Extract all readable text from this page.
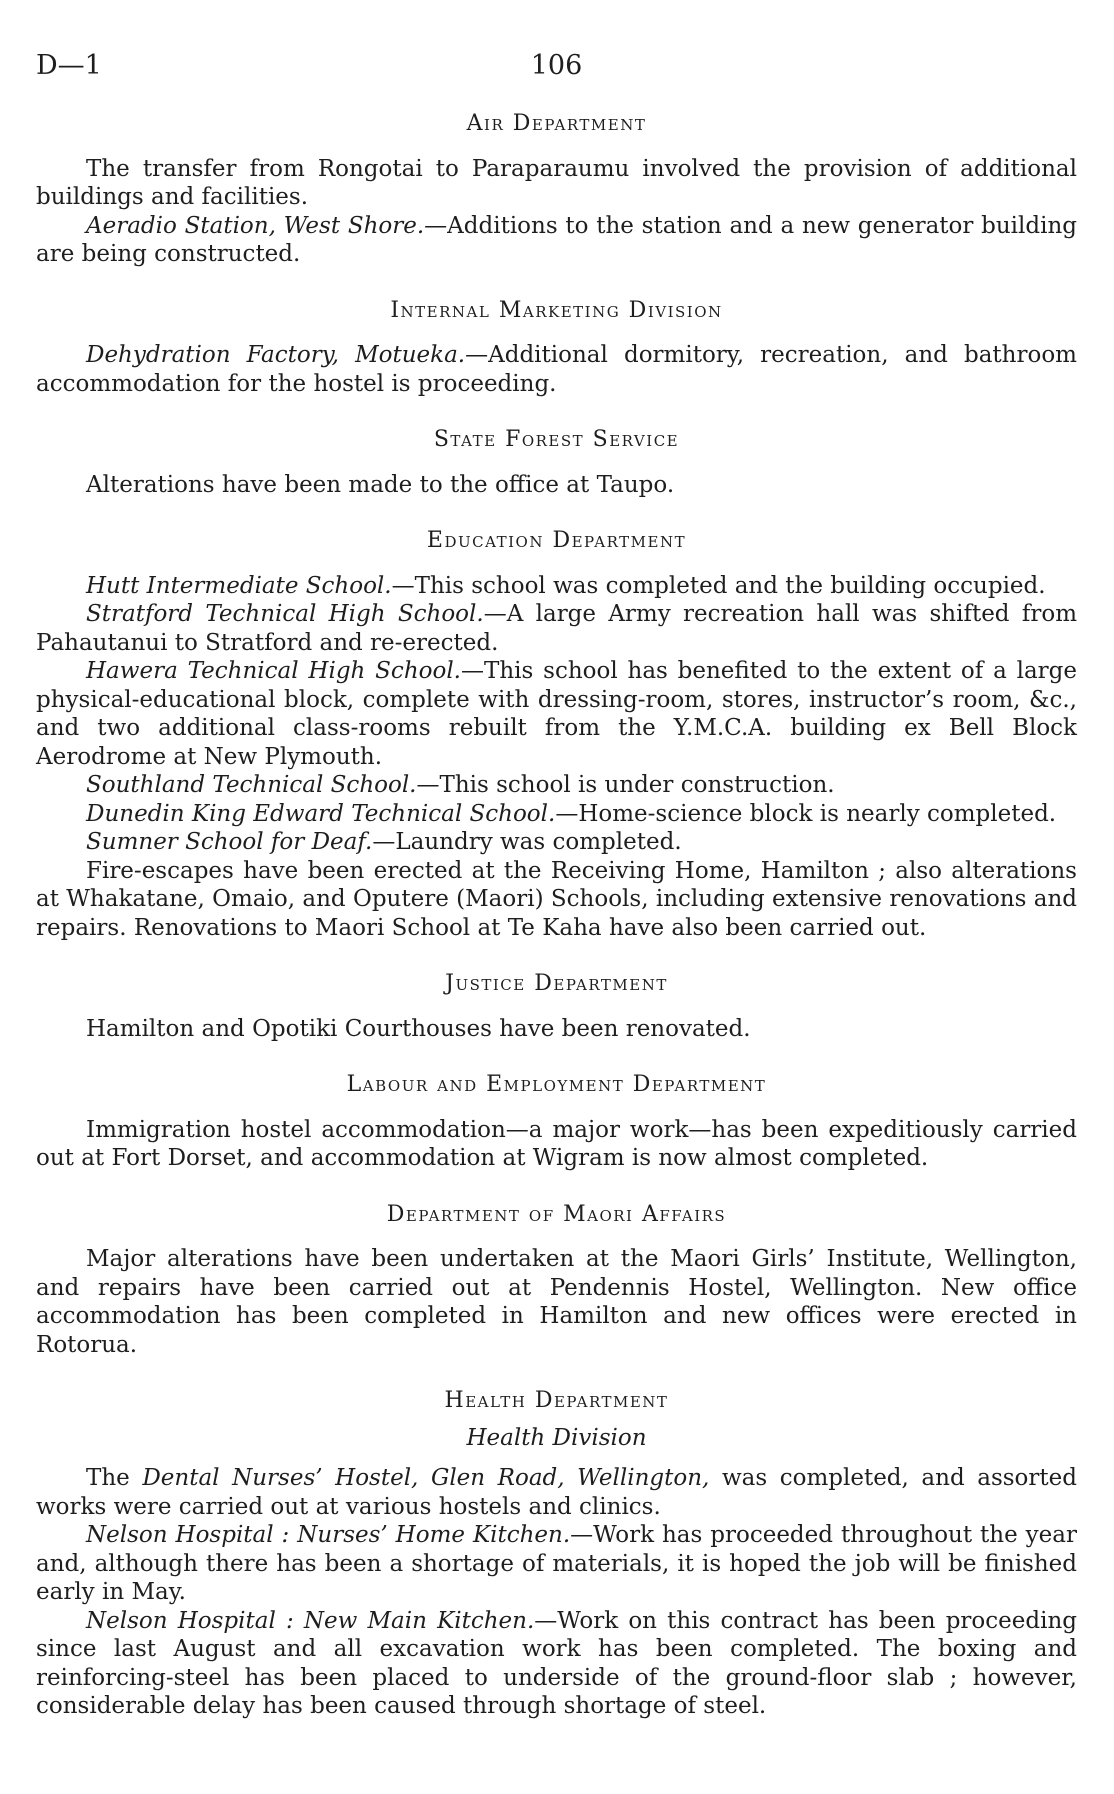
D—1	106
Air Department

The transfer from Rongotai to Paraparaumu involved the provision of additional buildings and facilities.

Aeradio Station, West Shore.—Additions to the station and a new generator building are being constructed.

Internal Marketing Division

Dehydration Factory, Motueka.—Additional dormitory, recreation, and bathroom accommodation for the hostel is proceeding.

State Forest Service

Alterations have been made to the office at Taupo.

Education Department

Hutt Intermediate School.—This school was completed and the building occupied.

Stratford Technical High School.—A large Army recreation hall was shifted from Pahautanui to Stratford and re-erected.

Hawera Technical High School.—This school has benefited to the extent of a large physical-educational block, complete with dressing-room, stores, instructor’s room, &c., and two additional class-rooms rebuilt from the Y.M.C.A. building ex Bell Block Aerodrome at New Plymouth.

Southland Technical School.—This school is under construction.

Dunedin King Edward Technical School.—Home-science block is nearly completed.

Sumner School for Deaf.—Laundry was completed.

Fire-escapes have been erected at the Receiving Home, Hamilton ; also alterations at Whakatane, Omaio, and Oputere (Maori) Schools, including extensive renovations and repairs. Renovations to Maori School at Te Kaha have also been carried out.

Justice Department

Hamilton and Opotiki Courthouses have been renovated.

Labour and Employment Department

Immigration hostel accommodation—a major work—has been expeditiously carried out at Fort Dorset, and accommodation at Wigram is now almost completed.

Department of Maori Affairs

Major alterations have been undertaken at the Maori Girls’ Institute, Wellington, and repairs have been carried out at Pendennis Hostel, Wellington. New office accommodation has been completed in Hamilton and new offices were erected in Rotorua.

Health Department
Health Division

The Dental Nurses’ Hostel, Glen Road, Wellington, was completed, and assorted works were carried out at various hostels and clinics.

Nelson Hospital : Nurses’ Home Kitchen.—Work has proceeded throughout the year and, although there has been a shortage of materials, it is hoped the job will be finished early in May.

Nelson Hospital : New Main Kitchen.—Work on this contract has been proceeding since last August and all excavation work has been completed. The boxing and reinforcing-steel has been placed to underside of the ground-floor slab ; however, considerable delay has been caused through shortage of steel.
